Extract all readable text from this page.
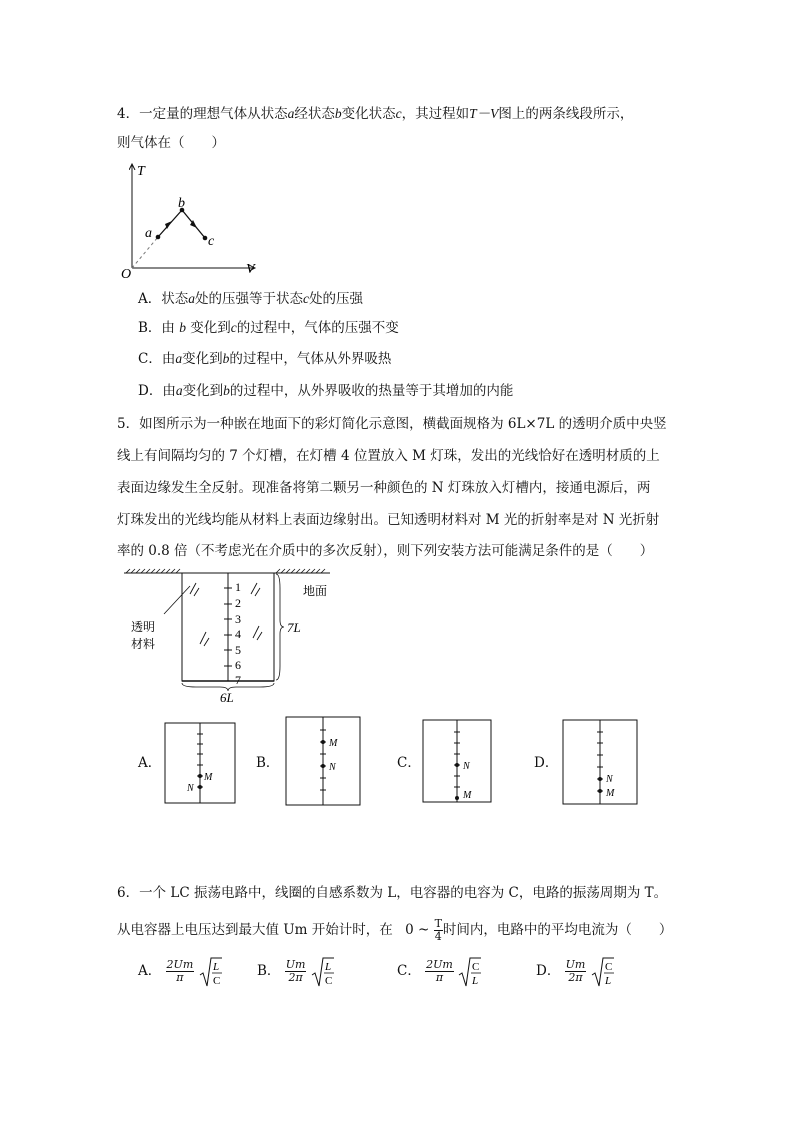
4．一定量的理想气体从状态a经状态b变化状态c，其过程如T－V图上的两条线段所示，
则气体在（　　）
T
V
O
a
b
c
A．状态a处的压强等于状态c处的压强
B．由 b 变化到c的过程中，气体的压强不变
C．由a变化到b的过程中，气体从外界吸热
D．由a变化到b的过程中，从外界吸收的热量等于其增加的内能
5．如图所示为一种嵌在地面下的彩灯简化示意图，横截面规格为 6L×7L 的透明介质中央竖
线上有间隔均匀的 7 个灯槽，在灯槽 4 位置放入 M 灯珠，发出的光线恰好在透明材质的上
表面边缘发生全反射。现准备将第二颗另一种颜色的 N 灯珠放入灯槽内，接通电源后，两
灯珠发出的光线均能从材料上表面边缘射出。已知透明材料对 M 光的折射率是对 N 光折射
率的 0.8 倍（不考虑光在介质中的多次反射），则下列安装方法可能满足条件的是（　　）
1
2
3
4
5
6
7
透明
材料
地面
7L
6L
A．
M
N
B．
M
N	C．	N
M
D．
N
M
6．一个 LC 振荡电路中，线圈的自感系数为 L，电容器的电容为 C，电路的振荡周期为 T。
从电容器上电压达到最大值 Um 开始计时，在 0 ~ $\frac{T}{4}$ 时间内，电路中的平均电流为（　　）
A． $\frac{2Um}{\pi}$
L
C
B． $\frac{Um}{2\pi}$
L
C
C． $\frac{2Um}{\pi}$
C
L
D． $\frac{Um}{2\pi}$
C
L
